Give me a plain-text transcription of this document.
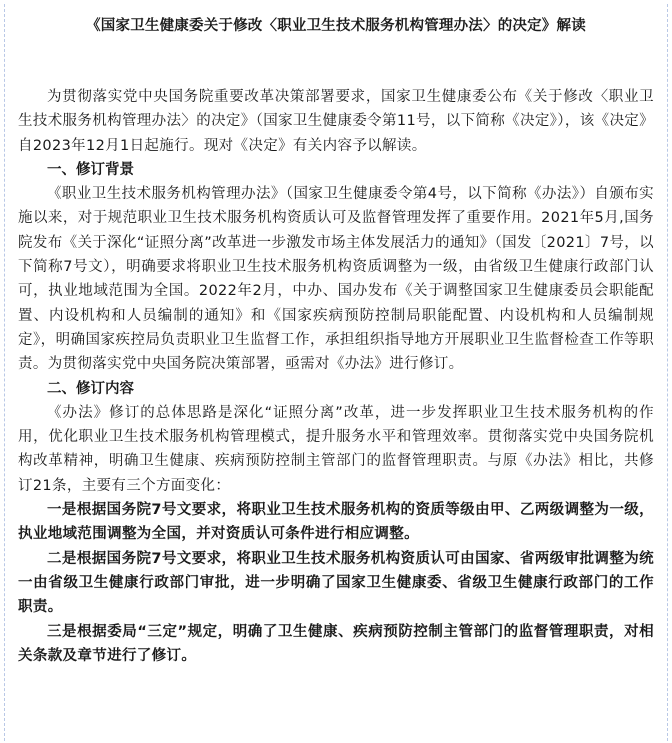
《国家卫生健康委关于修改〈职业卫生技术服务机构管理办法〉的决定》解读

为贯彻落实党中央国务院重要改革决策部署要求，国家卫生健康委公布《关于修改〈职业卫生技术服务机构管理办法〉的决定》（国家卫生健康委令第11号，以下简称《决定》），该《决定》自2023年12月1日起施行。现对《决定》有关内容予以解读。

一、修订背景

《职业卫生技术服务机构管理办法》（国家卫生健康委令第4号，以下简称《办法》）自颁布实施以来，对于规范职业卫生技术服务机构资质认可及监督管理发挥了重要作用。2021年5月,国务院发布《关于深化“证照分离”改革进一步激发市场主体发展活力的通知》（国发〔2021〕7号，以下简称7号文），明确要求将职业卫生技术服务机构资质调整为一级，由省级卫生健康行政部门认可，执业地域范围为全国。2022年2月，中办、国办发布《关于调整国家卫生健康委员会职能配置、内设机构和人员编制的通知》和《国家疾病预防控制局职能配置、内设机构和人员编制规定》，明确国家疾控局负责职业卫生监督工作，承担组织指导地方开展职业卫生监督检查工作等职责。为贯彻落实党中央国务院决策部署，亟需对《办法》进行修订。

二、修订内容

《办法》修订的总体思路是深化“证照分离”改革，进一步发挥职业卫生技术服务机构的作用，优化职业卫生技术服务机构管理模式，提升服务水平和管理效率。贯彻落实党中央国务院机构改革精神，明确卫生健康、疾病预防控制主管部门的监督管理职责。与原《办法》相比，共修订21条，主要有三个方面变化：

一是根据国务院7号文要求，将职业卫生技术服务机构的资质等级由甲、乙两级调整为一级，执业地域范围调整为全国，并对资质认可条件进行相应调整。

二是根据国务院7号文要求，将职业卫生技术服务机构资质认可由国家、省两级审批调整为统一由省级卫生健康行政部门审批，进一步明确了国家卫生健康委、省级卫生健康行政部门的工作职责。

三是根据委局“三定”规定，明确了卫生健康、疾病预防控制主管部门的监督管理职责，对相关条款及章节进行了修订。
